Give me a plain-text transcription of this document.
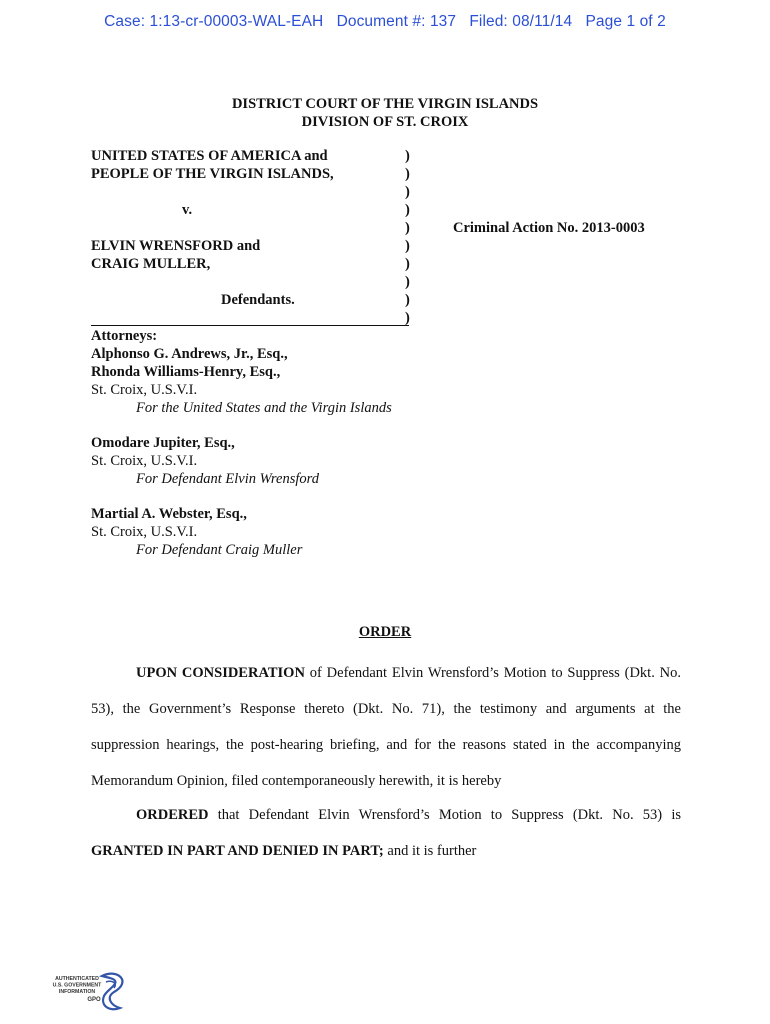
Case: 1:13-cr-00003-WAL-EAH   Document #: 137   Filed: 08/11/14   Page 1 of 2
DISTRICT COURT OF THE VIRGIN ISLANDS
DIVISION OF ST. CROIX
UNITED STATES OF AMERICA and
PEOPLE OF THE VIRGIN ISLANDS,
v.
ELVIN WRENSFORD and
CRAIG MULLER,
Defendants.
)
)
)
)
)
)
)
)
)
)
Criminal Action No. 2013-0003
Attorneys:
Alphonso G. Andrews, Jr., Esq.,
Rhonda Williams-Henry, Esq.,
St. Croix, U.S.V.I.
For the United States and the Virgin Islands
Omodare Jupiter, Esq.,
St. Croix, U.S.V.I.
For Defendant Elvin Wrensford
Martial A. Webster, Esq.,
St. Croix, U.S.V.I.
For Defendant Craig Muller
ORDER
UPON CONSIDERATION of Defendant Elvin Wrensford’s Motion to Suppress (Dkt. No. 53), the Government’s Response thereto (Dkt. No. 71), the testimony and arguments at the suppression hearings, the post-hearing briefing, and for the reasons stated in the accompanying Memorandum Opinion, filed contemporaneously herewith, it is hereby
ORDERED that Defendant Elvin Wrensford’s Motion to Suppress (Dkt. No. 53) is GRANTED IN PART AND DENIED IN PART; and it is further
AUTHENTICATED
U.S. GOVERNMENT
INFORMATION
GPO
